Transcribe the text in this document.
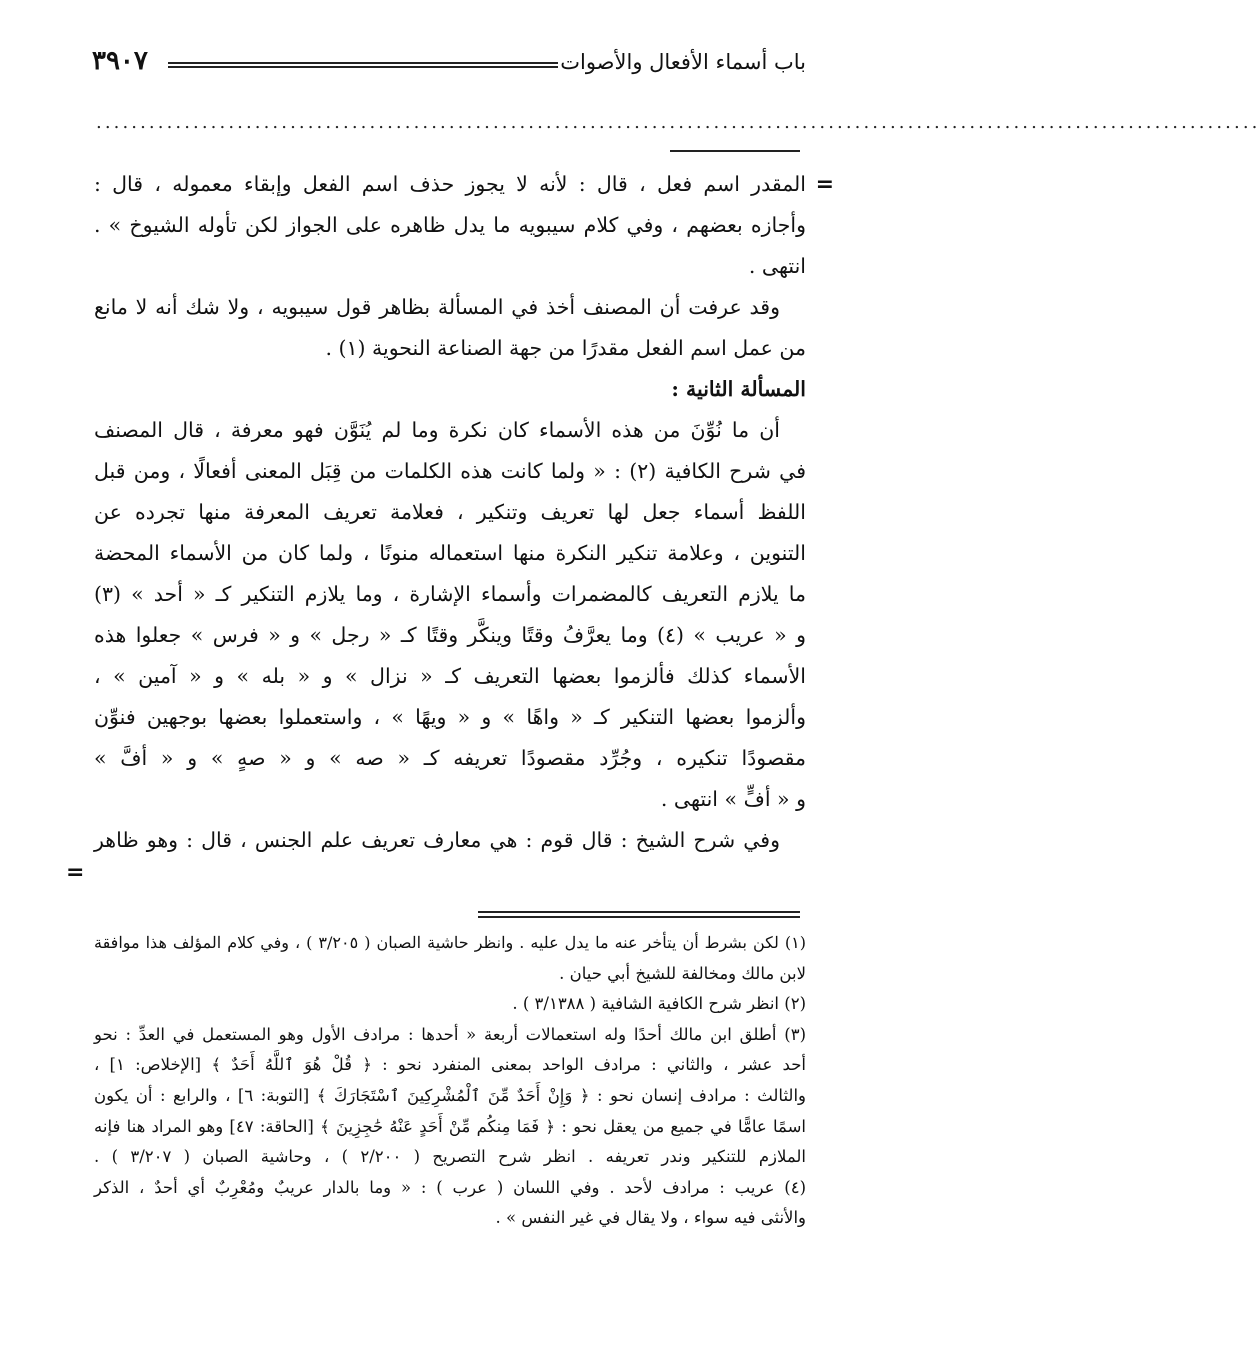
باب أسماء الأفعال والأصوات
٣٩٠٧
....................................................................................................................................
=
المقدر اسم فعل ، قال : لأنه لا يجوز حذف اسم الفعل وإبقاء معموله ، قال :
وأجازه بعضهم ، وفي كلام سيبويه ما يدل ظاهره على الجواز لكن تأوله الشيوخ » .
انتهى .
وقد عرفت أن المصنف أخذ في المسألة بظاهر قول سيبويه ، ولا شك أنه لا مانع
من عمل اسم الفعل مقدرًا من جهة الصناعة النحوية (١) .
المسألة الثانية :
أن ما نُوِّنَ من هذه الأسماء كان نكرة وما لم يُنَوَّن فهو معرفة ، قال المصنف
في شرح الكافية (٢) : « ولما كانت هذه الكلمات من قِبَل المعنى أفعالًا ، ومن قبل
اللفظ أسماء جعل لها تعريف وتنكير ، فعلامة تعريف المعرفة منها تجرده عن
التنوين ، وعلامة تنكير النكرة منها استعماله منونًا ، ولما كان من الأسماء المحضة
ما يلازم التعريف كالمضمرات وأسماء الإشارة ، وما يلازم التنكير كـ « أحد » (٣)
و « عريب » (٤) وما يعرَّفُ وقتًا وينكَّر وقتًا كـ « رجل » و « فرس » جعلوا هذه
الأسماء كذلك فألزموا بعضها التعريف كـ « نزال » و « بله » و « آمين » ،
وألزموا بعضها التنكير كـ « واهًا » و « ويهًا » ، واستعملوا بعضها بوجهين فنوِّن
مقصودًا تنكيره ، وجُرِّد مقصودًا تعريفه كـ « صه » و « صهٍ » و « أفَّ »
و « أفٍّ » انتهى .
وفي شرح الشيخ : قال قوم : هي معارف تعريف علم الجنس ، قال : وهو ظاهر
=
(١) لكن بشرط أن يتأخر عنه ما يدل عليه . وانظر حاشية الصبان ( ٣/٢٠٥ ) ، وفي كلام المؤلف هذا موافقة
لابن مالك ومخالفة للشيخ أبي حيان .
(٢) انظر شرح الكافية الشافية ( ٣/١٣٨٨ ) .
(٣) أطلق ابن مالك أحدًا وله استعمالات أربعة « أحدها : مرادف الأول وهو المستعمل في العدِّ : نحو
أحد عشر ، والثاني : مرادف الواحد بمعنى المنفرد نحو : ﴿ قُلْ هُوَ ٱللَّهُ أَحَدٌ ﴾ [الإخلاص: ١] ،
والثالث : مرادف إنسان نحو : ﴿ وَإِنْ أَحَدٌ مِّنَ ٱلْمُشْرِكِينَ ٱسْتَجَارَكَ ﴾ [التوبة: ٦] ، والرابع : أن يكون
اسمًا عامًّا في جميع من يعقل نحو : ﴿ فَمَا مِنكُم مِّنْ أَحَدٍ عَنْهُ حَٰجِزِينَ ﴾ [الحاقة: ٤٧] وهو المراد هنا فإنه
الملازم للتنكير وندر تعريفه . انظر شرح التصريح ( ٢/٢٠٠ ) ، وحاشية الصبان ( ٣/٢٠٧ ) .
(٤) عريب : مرادف لأحد . وفي اللسان ( عرب ) : « وما بالدار عريبٌ ومُعْرِبٌ أي أحدٌ ، الذكر
والأنثى فيه سواء ، ولا يقال في غير النفس » .
